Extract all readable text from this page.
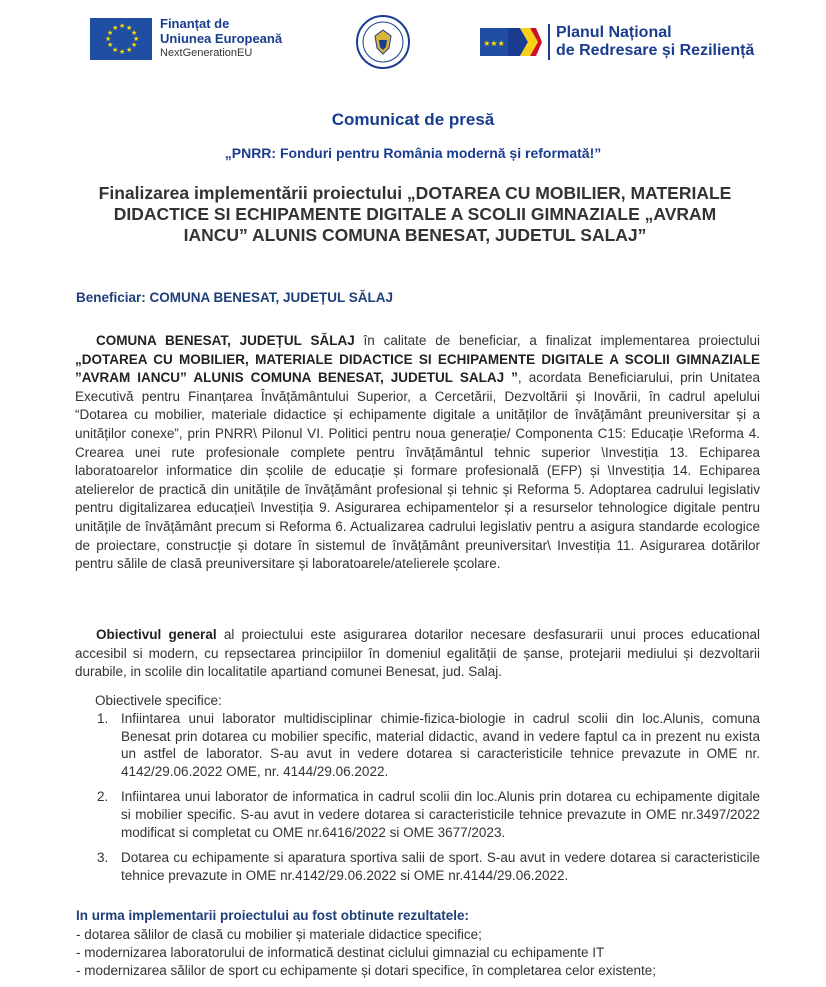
★ ★
★
★
★
★
★
★
★
★
★
★	Finanțat de
Uniunea Europeană
NextGenerationEU
★★★
Planul Național
de Redresare și Reziliență
Comunicat de presă
„PNRR: Fonduri pentru România modernă și reformată!”
Finalizarea implementării proiectului „DOTAREA CU MOBILIER, MATERIALE DIDACTICE SI ECHIPAMENTE DIGITALE A SCOLII GIMNAZIALE „AVRAM IANCU” ALUNIS COMUNA BENESAT, JUDETUL SALAJ”
Beneficiar: COMUNA BENESAT, JUDEȚUL SĂLAJ
COMUNA BENESAT, JUDEȚUL SĂLAJ în calitate de beneficiar, a finalizat implementarea proiectului „DOTAREA CU MOBILIER, MATERIALE DIDACTICE SI ECHIPAMENTE DIGITALE A SCOLII GIMNAZIALE ”AVRAM IANCU” ALUNIS COMUNA BENESAT, JUDETUL SALAJ ”, acordata Beneficiarului, prin Unitatea Executivă pentru Finanțarea Învățământului Superior, a Cercetării, Dezvoltării și Inovării, în cadrul apelului “Dotarea cu mobilier, materiale didactice și echipamente digitale a unităților de învățământ preuniversitar și a unităților conexe”, prin PNRR\ Pilonul VI. Politici pentru noua generație/ Componenta C15: Educație \Reforma 4. Crearea unei rute profesionale complete pentru învățământul tehnic superior \Investiția 13. Echiparea laboratoarelor informatice din școlile de educație și formare profesională (EFP) și \Investiția 14. Echiparea atelierelor de practică din unitățile de învățământ profesional și tehnic și Reforma 5. Adoptarea cadrului legislativ pentru digitalizarea educației\ Investiția 9. Asigurarea echipamentelor și a resurselor tehnologice digitale pentru unitățile de învățământ precum si Reforma 6. Actualizarea cadrului legislativ pentru a asigura standarde ecologice de proiectare, construcție și dotare în sistemul de învățământ preuniversitar\ Investiția 11. Asigurarea dotărilor pentru sălile de clasă preuniversitare și laboratoarele/atelierele școlare.
Obiectivul general al proiectului este asigurarea dotarilor necesare desfasurarii unui proces educational accesibil si modern, cu repsectarea principiilor în domeniul egalității de șanse, protejarii mediului și dezvoltarii durabile, in scolile din localitatile apartiand comunei Benesat, jud. Salaj.
Obiectivele specifice:
1. Infiintarea unui laborator multidisciplinar chimie-fizica-biologie in cadrul scolii din loc.Alunis, comuna Benesat prin dotarea cu mobilier specific, material didactic, avand in vedere faptul ca in prezent nu exista un astfel de laborator. S-au avut in vedere dotarea si caracteristicile tehnice prevazute in OME nr. 4142/29.06.2022 OME, nr. 4144/29.06.2022.
2. Infiintarea unui laborator de informatica in cadrul scolii din loc.Alunis prin dotarea cu echipamente digitale si mobilier specific. S-au avut in vedere dotarea si caracteristicile tehnice prevazute in OME nr.3497/2022 modificat si completat cu OME nr.6416/2022 si OME 3677/2023.
3. Dotarea cu echipamente si aparatura sportiva salii de sport. S-au avut in vedere dotarea si caracteristicile tehnice prevazute in OME nr.4142/29.06.2022 si OME nr.4144/29.06.2022.
In urma implementarii proiectului au fost obtinute rezultatele:
- dotarea sălilor de clasă cu mobilier și materiale didactice specifice;
- modernizarea laboratorului de informatică destinat ciclului gimnazial cu echipamente IT
- modernizarea sălilor de sport cu echipamente și dotari specifice, în completarea celor existente;
